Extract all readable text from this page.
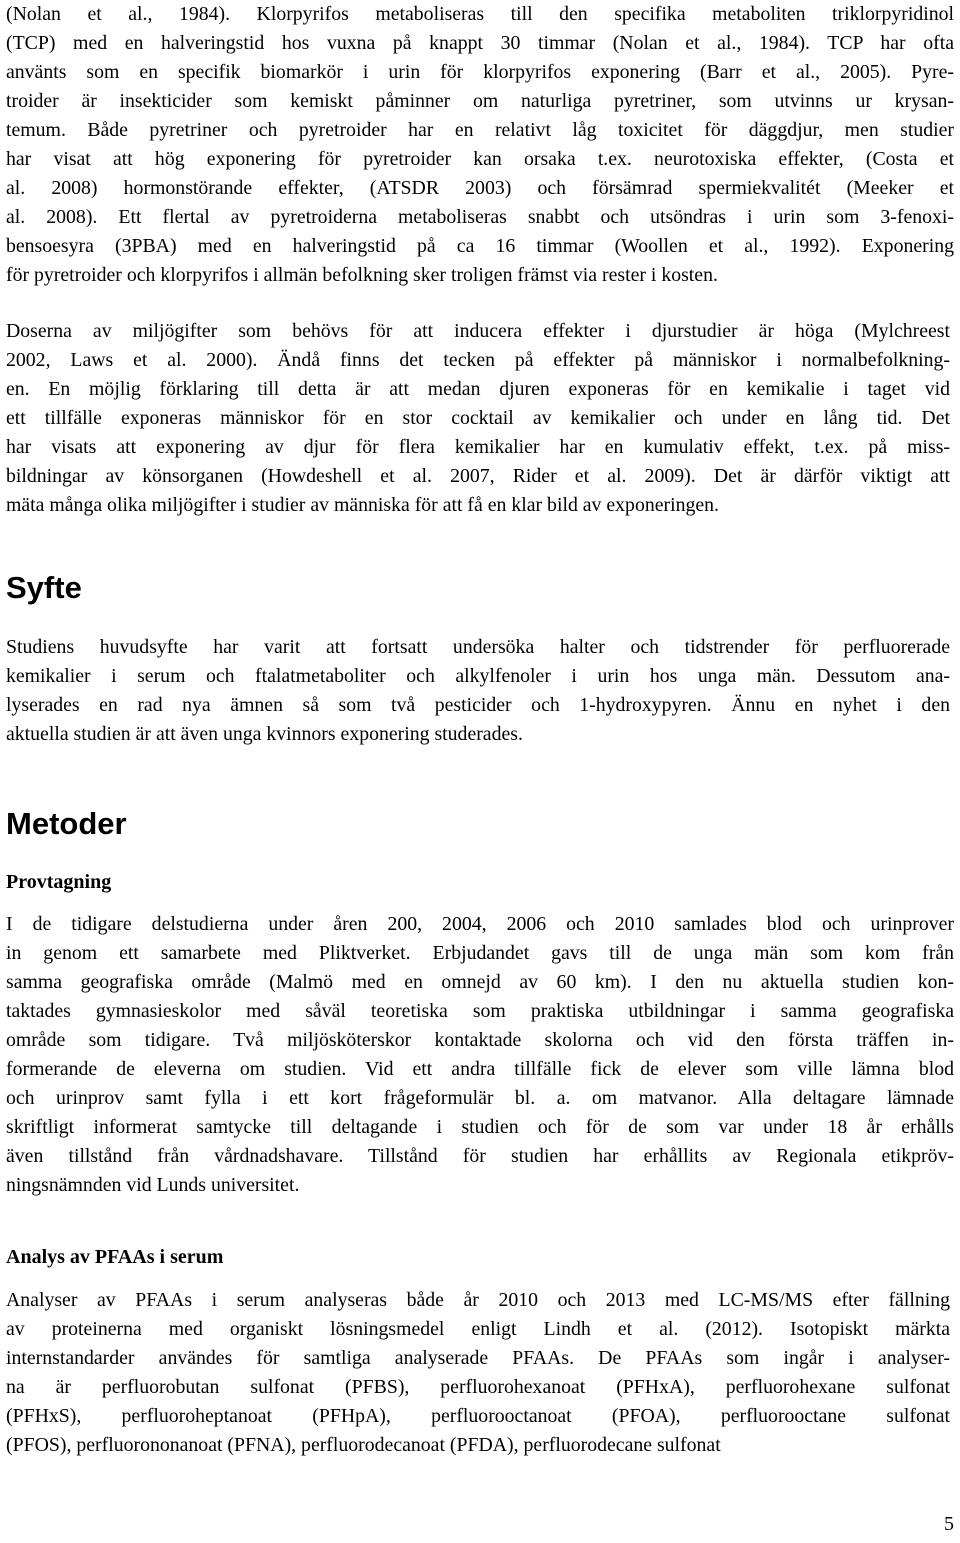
(Nolan et al., 1984). Klorpyrifos metaboliseras till den specifika metaboliten triklorpyridinol
(TCP) med en halveringstid hos vuxna på knappt 30 timmar (Nolan et al., 1984). TCP har ofta
använts som en specifik biomarkör i urin för klorpyrifos exponering (Barr et al., 2005). Pyre-
troider är insekticider som kemiskt påminner om naturliga pyretriner, som utvinns ur krysan-
temum. Både pyretriner och pyretroider har en relativt låg toxicitet för däggdjur, men studier
har visat att hög exponering för pyretroider kan orsaka t.ex. neurotoxiska effekter, (Costa et
al. 2008) hormonstörande effekter, (ATSDR 2003) och försämrad spermiekvalitét (Meeker et
al. 2008). Ett flertal av pyretroiderna metaboliseras snabbt och utsöndras i urin som 3-fenoxi-
bensoesyra (3PBA) med en halveringstid på ca 16 timmar (Woollen et al., 1992). Exponering
för pyretroider och klorpyrifos i allmän befolkning sker troligen främst via rester i kosten.
Doserna av miljögifter som behövs för att inducera effekter i djurstudier är höga (Mylchreest
2002, Laws et al. 2000). Ändå finns det tecken på effekter på människor i normalbefolkning-
en. En möjlig förklaring till detta är att medan djuren exponeras för en kemikalie i taget vid
ett tillfälle exponeras människor för en stor cocktail av kemikalier och under en lång tid. Det
har visats att exponering av djur för flera kemikalier har en kumulativ effekt, t.ex. på miss-
bildningar av könsorganen (Howdeshell et al. 2007, Rider et al. 2009). Det är därför viktigt att
mäta många olika miljögifter i studier av människa för att få en klar bild av exponeringen.
Syfte
Studiens huvudsyfte har varit att fortsatt undersöka halter och tidstrender för perfluorerade
kemikalier i serum och ftalatmetaboliter och alkylfenoler i urin hos unga män. Dessutom ana-
lyserades en rad nya ämnen så som två pesticider och 1-hydroxypyren. Ännu en nyhet i den
aktuella studien är att även unga kvinnors exponering studerades.
Metoder
Provtagning
I de tidigare delstudierna under åren 200, 2004, 2006 och 2010 samlades blod och urinprover
in genom ett samarbete med Pliktverket. Erbjudandet gavs till de unga män som kom från
samma geografiska område (Malmö med en omnejd av 60 km). I den nu aktuella studien kon-
taktades gymnasieskolor med såväl teoretiska som praktiska utbildningar i samma geografiska
område som tidigare. Två miljösköterskor kontaktade skolorna och vid den första träffen in-
formerande de eleverna om studien. Vid ett andra tillfälle fick de elever som ville lämna blod
och urinprov samt fylla i ett kort frågeformulär bl. a. om matvanor. Alla deltagare lämnade
skriftligt informerat samtycke till deltagande i studien och för de som var under 18 år erhålls
även tillstånd från vårdnadshavare. Tillstånd för studien har erhållits av Regionala etikpröv-
ningsnämnden vid Lunds universitet.
Analys av PFAAs i serum
Analyser av PFAAs i serum analyseras både år 2010 och 2013 med LC-MS/MS efter fällning
av proteinerna med organiskt lösningsmedel enligt Lindh et al. (2012). Isotopiskt märkta
internstandarder användes för samtliga analyserade PFAAs. De PFAAs som ingår i analyser-
na är perfluorobutan sulfonat (PFBS), perfluorohexanoat (PFHxA), perfluorohexane sulfonat
(PFHxS), perfluoroheptanoat (PFHpA), perfluorooctanoat (PFOA), perfluorooctane sulfonat
(PFOS), perfluorononanoat (PFNA), perfluorodecanoat (PFDA), perfluorodecane sulfonat
5
